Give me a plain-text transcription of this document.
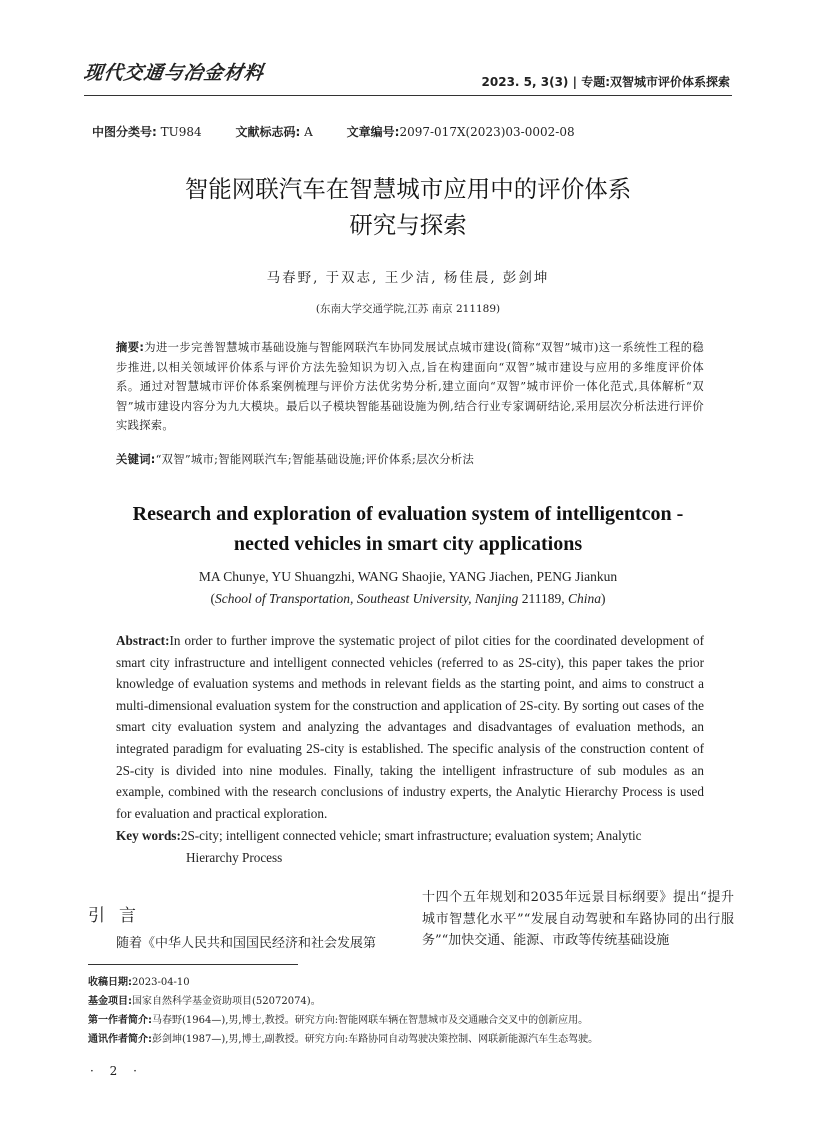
现代交通与冶金材料	2023. 5, 3(3) | 专题:双智城市评价体系探索
中图分类号: TU984	文献标志码: A	文章编号:2097-017X(2023)03-0002-08
智能网联汽车在智慧城市应用中的评价体系
研究与探索
马春野, 于双志, 王少洁, 杨佳晨, 彭剑坤
(东南大学交通学院,江苏 南京 211189)
摘要:为进一步完善智慧城市基础设施与智能网联汽车协同发展试点城市建设(简称“双智”城市)这一系统性工程的稳步推进,以相关领域评价体系与评价方法先验知识为切入点,旨在构建面向“双智”城市建设与应用的多维度评价体系。通过对智慧城市评价体系案例梳理与评价方法优劣势分析,建立面向“双智”城市评价一体化范式,具体解析“双智”城市建设内容分为九大模块。最后以子模块智能基础设施为例,结合行业专家调研结论,采用层次分析法进行评价实践探索。
关键词:“双智”城市;智能网联汽车;智能基础设施;评价体系;层次分析法
Research and exploration of evaluation system of intelligentcon -
nected vehicles in smart city applications
MA Chunye, YU Shuangzhi, WANG Shaojie, YANG Jiachen, PENG Jiankun
(School of Transportation, Southeast University, Nanjing 211189, China)
Abstract:In order to further improve the systematic project of pilot cities for the coordinated development of smart city infrastructure and intelligent connected vehicles (referred to as 2S-city), this paper takes the prior knowledge of evaluation systems and methods in relevant fields as the starting point, and aims to construct a multi-dimensional evaluation system for the construction and application of 2S-city. By sorting out cases of the smart city evaluation system and analyzing the advantages and disadvantages of evaluation methods, an integrated paradigm for evaluating 2S-city is established. The specific analysis of the construction content of 2S-city is divided into nine modules. Finally, taking the intelligent infrastructure of sub modules as an example, combined with the research conclusions of industry experts, the Analytic Hierarchy Process is used for evaluation and practical exploration.
Key words:2S-city; intelligent connected vehicle; smart infrastructure; evaluation system; Analytic
Hierarchy Process
引言
随着《中华人民共和国国民经济和社会发展第
十四个五年规划和2035年远景目标纲要》提出“提升城市智慧化水平”“发展自动驾驶和车路协同的出行服务”“加快交通、能源、市政等传统基础设施
收稿日期:2023-04-10
基金项目:国家自然科学基金资助项目(52072074)。
第一作者简介:马春野(1964—),男,博士,教授。研究方向:智能网联车辆在智慧城市及交通融合交叉中的创新应用。
通讯作者简介:彭剑坤(1987—),男,博士,副教授。研究方向:车路协同自动驾驶决策控制、网联新能源汽车生态驾驶。
· 2 ·
